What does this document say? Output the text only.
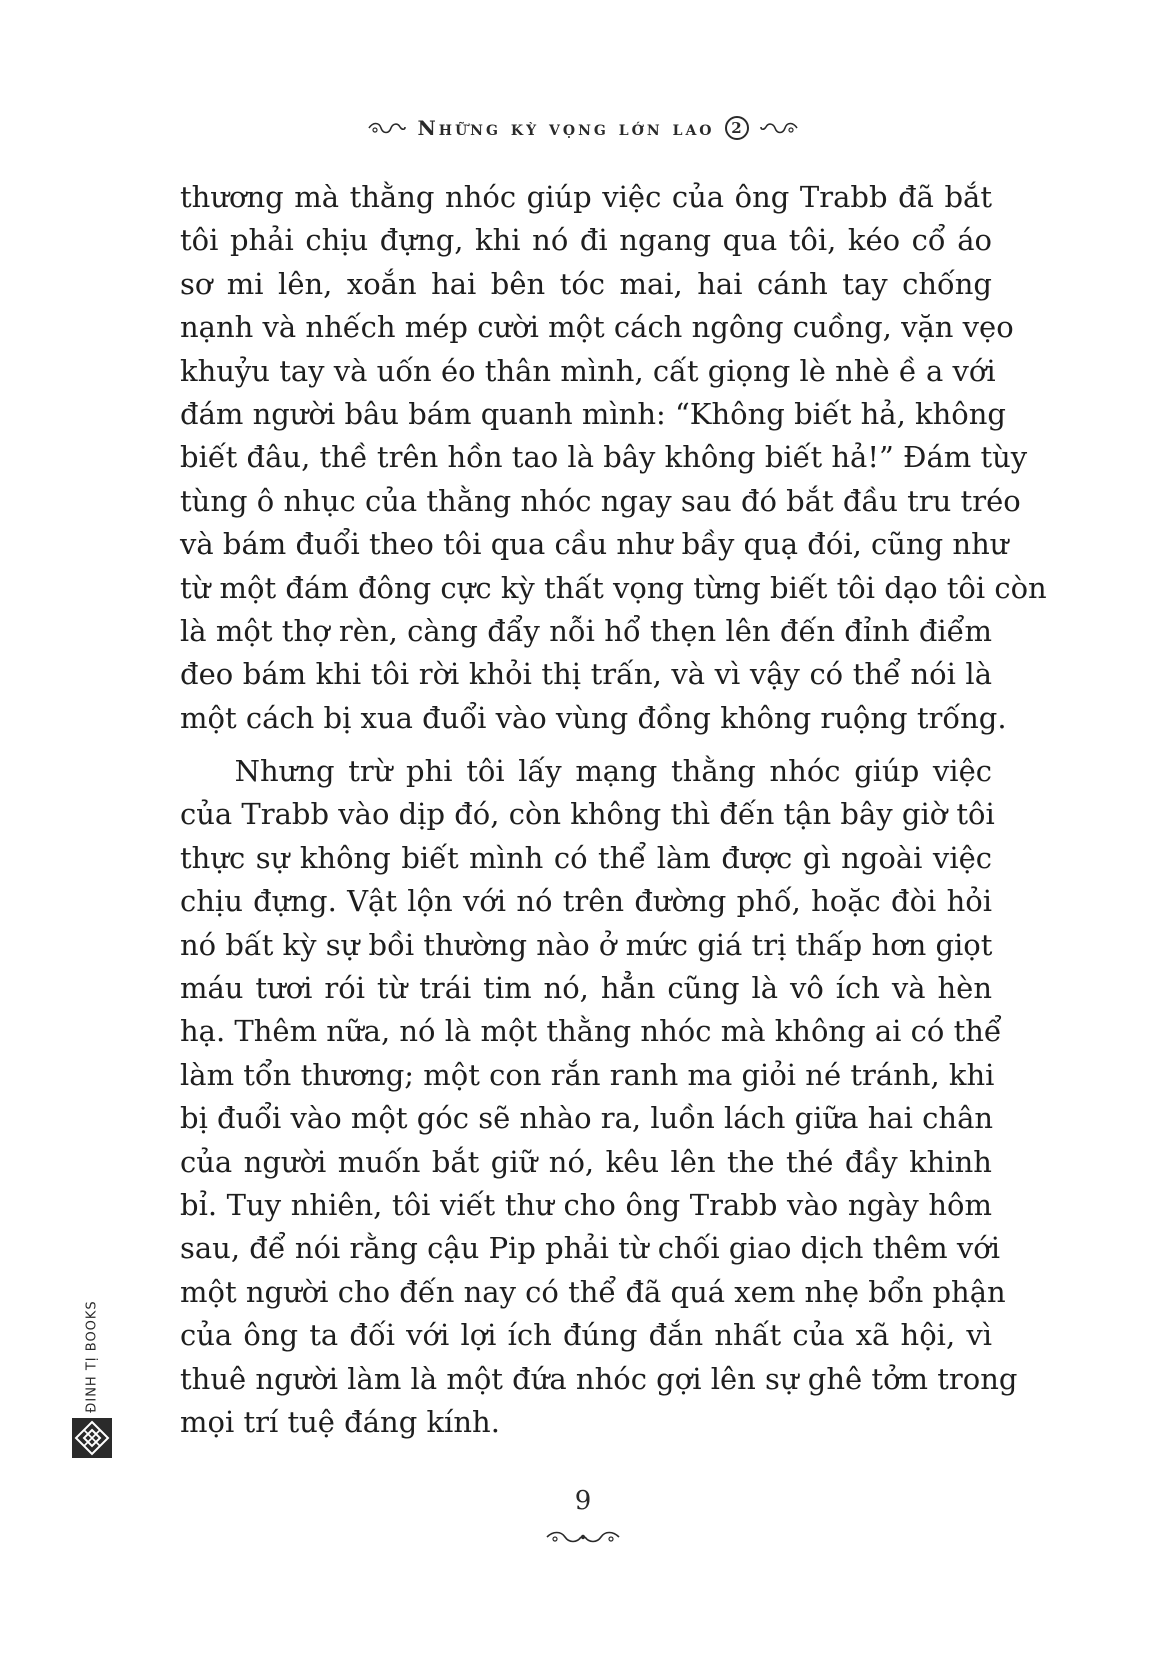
Những kỳ vọng lớn lao	2
thương mà thằng nhóc giúp việc của ông Trabb đã bắt
tôi phải chịu đựng, khi nó đi ngang qua tôi, kéo cổ áo
sơ mi lên, xoắn hai bên tóc mai, hai cánh tay chống
nạnh và nhếch mép cười một cách ngông cuồng, vặn vẹo
khuỷu tay và uốn éo thân mình, cất giọng lè nhè ề a với
đám người bâu bám quanh mình: “Không biết hả, không
biết đâu, thề trên hồn tao là bây không biết hả!” Đám tùy
tùng ô nhục của thằng nhóc ngay sau đó bắt đầu tru tréo
và bám đuổi theo tôi qua cầu như bầy quạ đói, cũng như
từ một đám đông cực kỳ thất vọng từng biết tôi dạo tôi còn
là một thợ rèn, càng đẩy nỗi hổ thẹn lên đến đỉnh điểm
đeo bám khi tôi rời khỏi thị trấn, và vì vậy có thể nói là
một cách bị xua đuổi vào vùng đồng không ruộng trống.
Nhưng trừ phi tôi lấy mạng thằng nhóc giúp việc
của Trabb vào dịp đó, còn không thì đến tận bây giờ tôi
thực sự không biết mình có thể làm được gì ngoài việc
chịu đựng. Vật lộn với nó trên đường phố, hoặc đòi hỏi
nó bất kỳ sự bồi thường nào ở mức giá trị thấp hơn giọt
máu tươi rói từ trái tim nó, hẳn cũng là vô ích và hèn
hạ. Thêm nữa, nó là một thằng nhóc mà không ai có thể
làm tổn thương; một con rắn ranh ma giỏi né tránh, khi
bị đuổi vào một góc sẽ nhào ra, luồn lách giữa hai chân
của người muốn bắt giữ nó, kêu lên the thé đầy khinh
bỉ. Tuy nhiên, tôi viết thư cho ông Trabb vào ngày hôm
sau, để nói rằng cậu Pip phải từ chối giao dịch thêm với
một người cho đến nay có thể đã quá xem nhẹ bổn phận
của ông ta đối với lợi ích đúng đắn nhất của xã hội, vì
thuê người làm là một đứa nhóc gợi lên sự ghê tởm trong
mọi trí tuệ đáng kính.
9
ĐINH TỊ BOOKS
